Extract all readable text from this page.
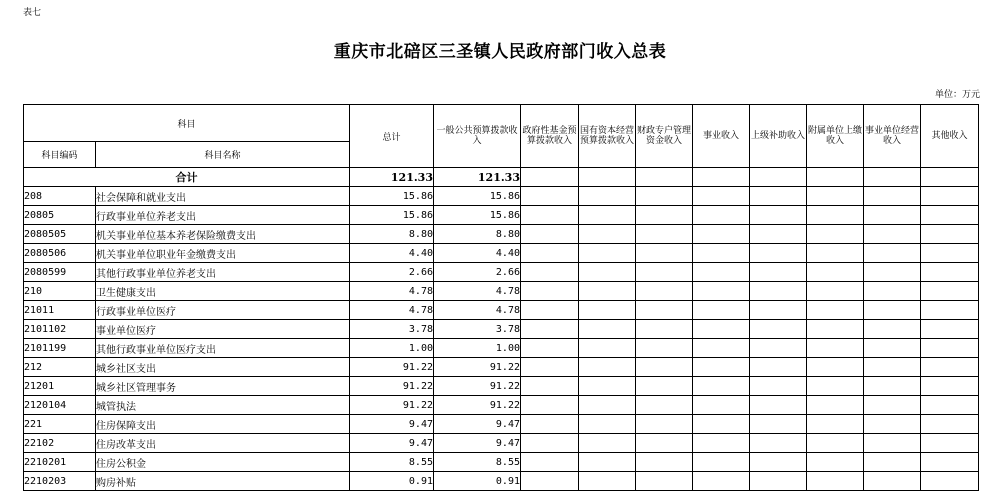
表七
重庆市北碚区三圣镇人民政府部门收入总表
单位：万元
科目		总计	一般公共预算拨款收入	政府性基金预算拨款收入	国有资本经营预算拨款收入	财政专户管理资金收入	事业收入	上级补助收入	附属单位上缴收入	事业单位经营收入	其他收入
科目编码	科目名称										
合计		121.33	121.33								
208	社会保障和就业支出	15.86	15.86								
20805	行政事业单位养老支出	15.86	15.86								
2080505	机关事业单位基本养老保险缴费支出	8.80	8.80								
2080506	机关事业单位职业年金缴费支出	4.40	4.40								
2080599	其他行政事业单位养老支出	2.66	2.66								
210	卫生健康支出	4.78	4.78								
21011	行政事业单位医疗	4.78	4.78								
2101102	事业单位医疗	3.78	3.78								
2101199	其他行政事业单位医疗支出	1.00	1.00								
212	城乡社区支出	91.22	91.22								
21201	城乡社区管理事务	91.22	91.22								
2120104	城管执法	91.22	91.22								
221	住房保障支出	9.47	9.47								
22102	住房改革支出	9.47	9.47								
2210201	住房公积金	8.55	8.55								
2210203	购房补贴	0.91	0.91								
